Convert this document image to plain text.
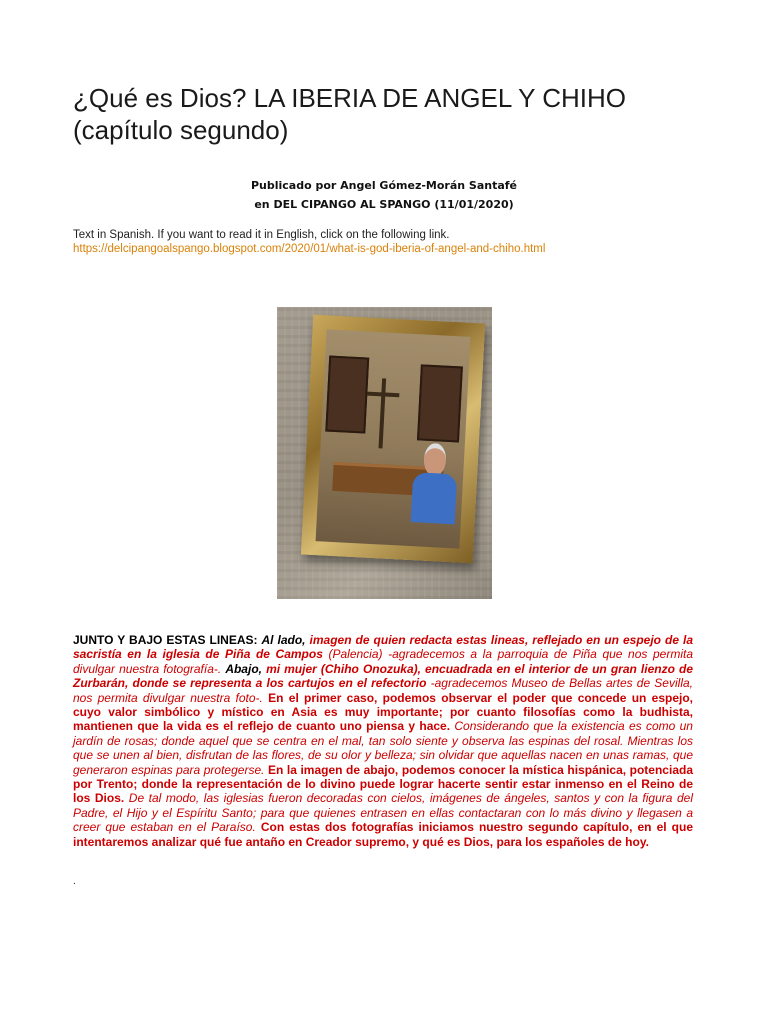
¿Qué es Dios? LA IBERIA DE ANGEL Y CHIHO (capítulo segundo)
Publicado por Angel Gómez-Morán Santafé
en DEL CIPANGO AL SPANGO (11/01/2020)
Text in Spanish. If you want to read it in English, click on the following link.
https://delcipangoalspango.blogspot.com/2020/01/what-is-god-iberia-of-angel-and-chiho.html

JUNTO Y BAJO ESTAS LINEAS: Al lado, imagen de quien redacta estas lineas, reflejado en un espejo de la sacristía en la iglesia de Piña de Campos (Palencia) -agradecemos a la parroquia de Piña que nos permita divulgar nuestra fotografía-. Abajo, mi mujer (Chiho Onozuka), encuadrada en el interior de un gran lienzo de Zurbarán, donde se representa a los cartujos en el refectorio -agradecemos Museo de Bellas artes de Sevilla, nos permita divulgar nuestra foto-. En el primer caso, podemos observar el poder que concede un espejo, cuyo valor simbólico y místico en Asia es muy importante; por cuanto filosofías como la budhista, mantienen que la vida es el reflejo de cuanto uno piensa y hace. Considerando que la existencia es como un jardín de rosas; donde aquel que se centra en el mal, tan solo siente y observa las espinas del rosal. Mientras los que se unen al bien, disfrutan de las flores, de su olor y belleza; sin olvidar que aquellas nacen en unas ramas, que generaron espinas para protegerse. En la imagen de abajo, podemos conocer la mística hispánica, potenciada por Trento; donde la representación de lo divino puede lograr hacerte sentir estar inmenso en el Reino de los Dios. De tal modo, las iglesias fueron decoradas con cielos, imágenes de ángeles, santos y con la figura del Padre, el Hijo y el Espíritu Santo; para que quienes entrasen en ellas contactaran con lo más divino y llegasen a creer que estaban en el Paraíso. Con estas dos fotografías iniciamos nuestro segundo capítulo, en el que intentaremos analizar qué fue antaño en Creador supremo, y qué es Dios, para los españoles de hoy.

.
